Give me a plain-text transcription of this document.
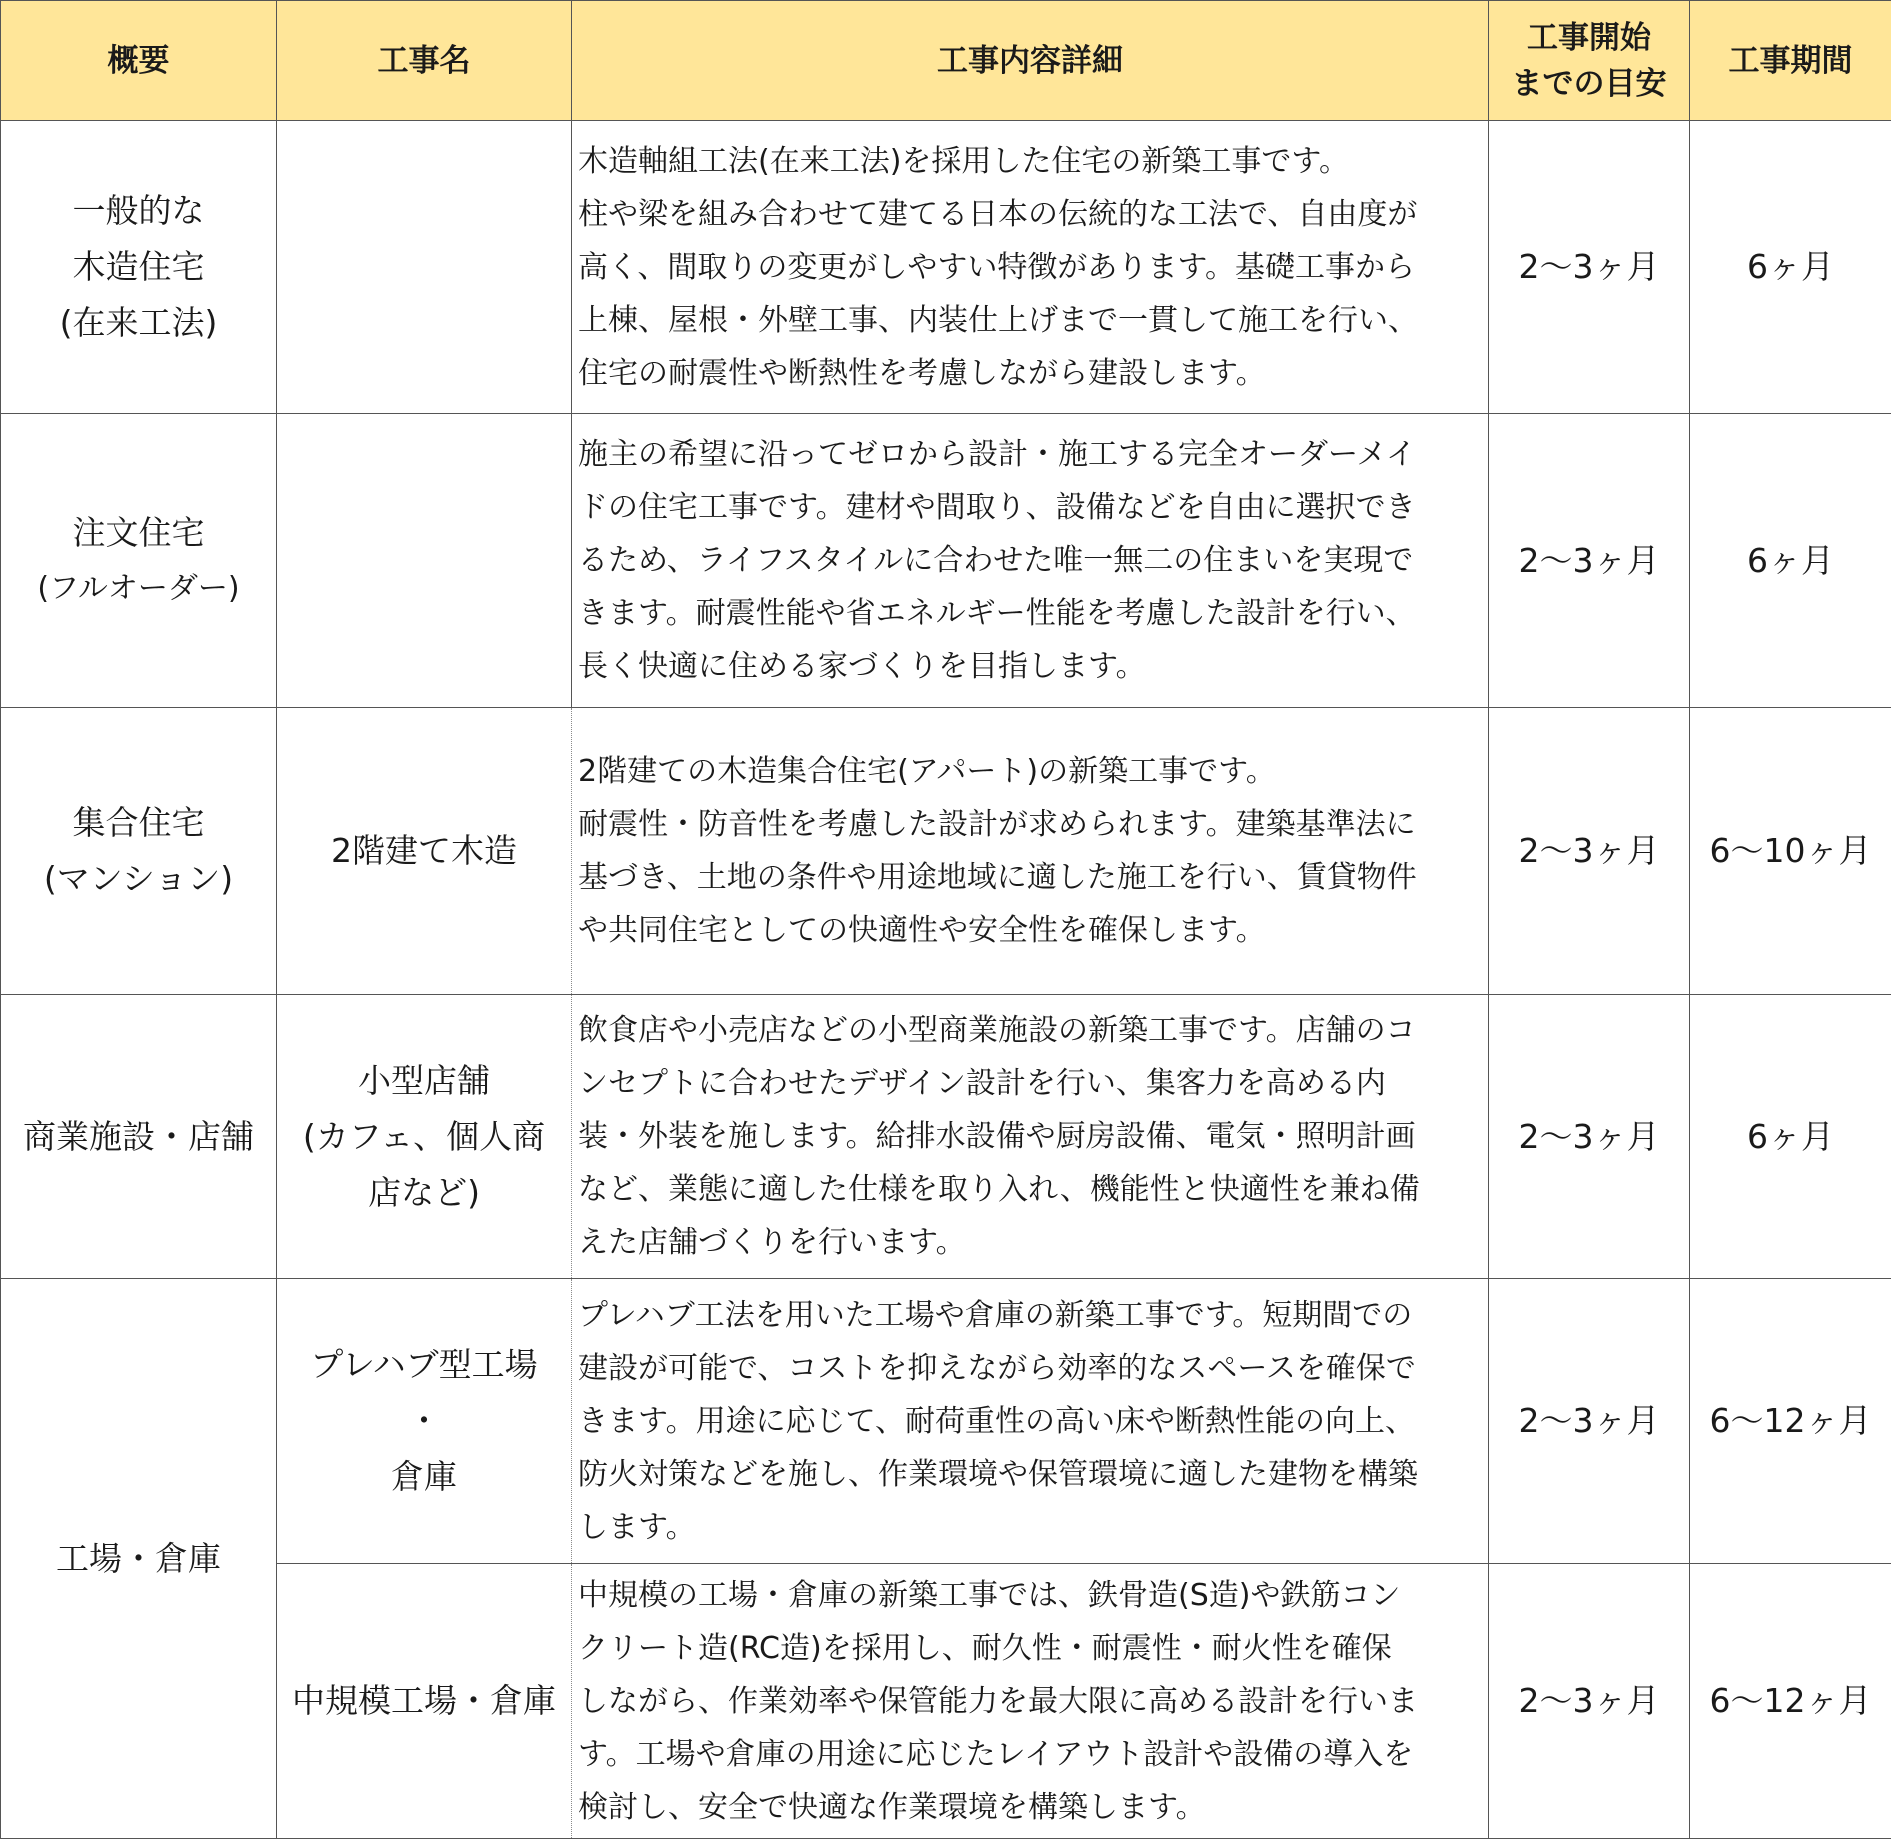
概要	工事名	工事内容詳細	工事開始
までの目安	工事期間

一般的な
木造住宅
(在来工法)		木造軸組工法(在来工法)を採用した住宅の新築工事です。
柱や梁を組み合わせて建てる日本の伝統的な工法で、自由度が
高く、間取りの変更がしやすい特徴があります。基礎工事から
上棟、屋根・外壁工事、内装仕上げまで一貫して施工を行い、
住宅の耐震性や断熱性を考慮しながら建設します。	2〜3ヶ月	6ヶ月

注文住宅
(フルオーダー)		施主の希望に沿ってゼロから設計・施工する完全オーダーメイ
ドの住宅工事です。建材や間取り、設備などを自由に選択でき
るため、ライフスタイルに合わせた唯一無二の住まいを実現で
きます。耐震性能や省エネルギー性能を考慮した設計を行い、
長く快適に住める家づくりを目指します。	2〜3ヶ月	6ヶ月

集合住宅
(マンション)	2階建て木造	2階建ての木造集合住宅(アパート)の新築工事です。
耐震性・防音性を考慮した設計が求められます。建築基準法に
基づき、土地の条件や用途地域に適した施工を行い、賃貸物件
や共同住宅としての快適性や安全性を確保します。	2〜3ヶ月	6〜10ヶ月

商業施設・店舗	小型店舗
(カフェ、個人商
店など)	飲食店や小売店などの小型商業施設の新築工事です。店舗のコ
ンセプトに合わせたデザイン設計を行い、集客力を高める内
装・外装を施します。給排水設備や厨房設備、電気・照明計画
など、業態に適した仕様を取り入れ、機能性と快適性を兼ね備
えた店舗づくりを行います。	2〜3ヶ月	6ヶ月

工場・倉庫	プレハブ型工場
・
倉庫	プレハブ工法を用いた工場や倉庫の新築工事です。短期間での
建設が可能で、コストを抑えながら効率的なスペースを確保で
きます。用途に応じて、耐荷重性の高い床や断熱性能の向上、
防火対策などを施し、作業環境や保管環境に適した建物を構築
します。	2〜3ヶ月	6〜12ヶ月

	中規模工場・倉庫	中規模の工場・倉庫の新築工事では、鉄骨造(S造)や鉄筋コン
クリート造(RC造)を採用し、耐久性・耐震性・耐火性を確保
しながら、作業効率や保管能力を最大限に高める設計を行いま
す。工場や倉庫の用途に応じたレイアウト設計や設備の導入を
検討し、安全で快適な作業環境を構築します。	2〜3ヶ月	6〜12ヶ月
